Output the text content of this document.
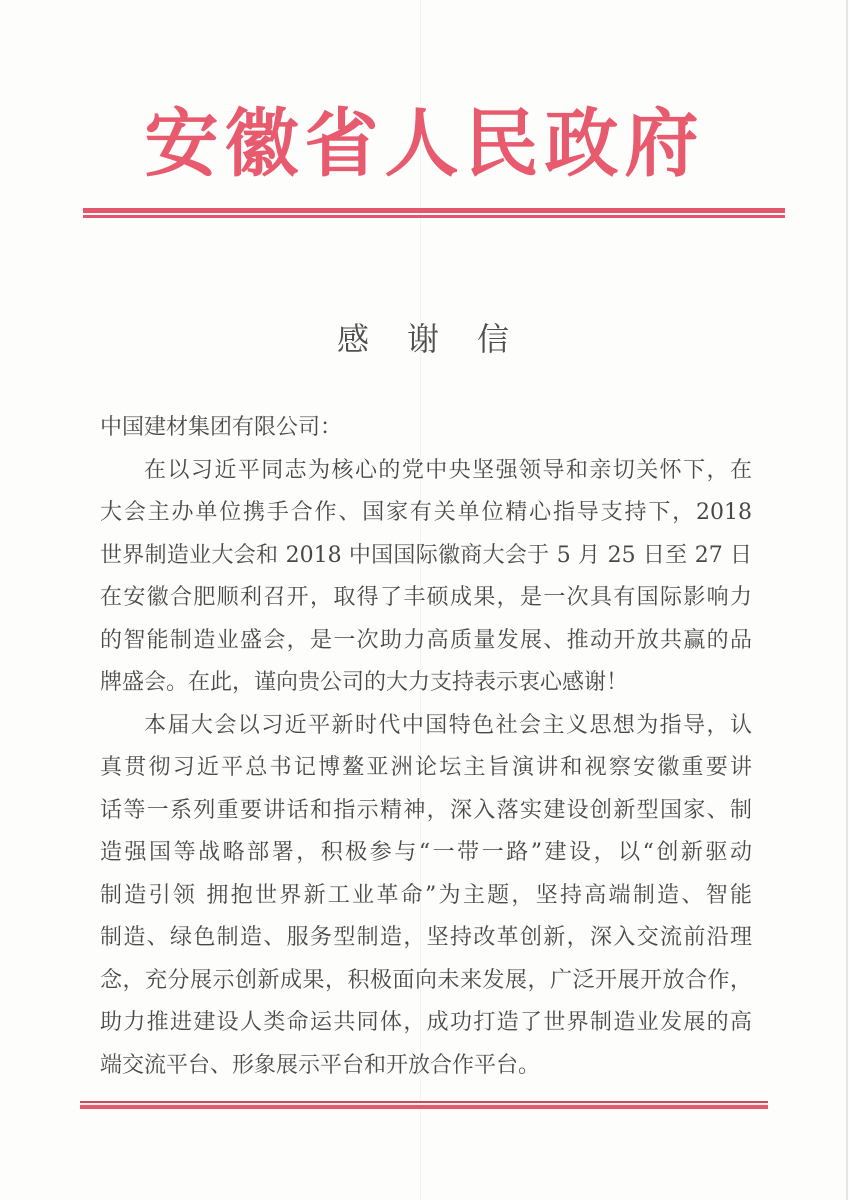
安徽省人民政府
感　谢　信
中国建材集团有限公司：
在以习近平同志为核心的党中央坚强领导和亲切关怀下，在
大会主办单位携手合作、国家有关单位精心指导支持下，2018
世界制造业大会和 2018 中国国际徽商大会于 5 月 25 日至 27 日
在安徽合肥顺利召开，取得了丰硕成果，是一次具有国际影响力
的智能制造业盛会，是一次助力高质量发展、推动开放共赢的品
牌盛会。在此，谨向贵公司的大力支持表示衷心感谢！
本届大会以习近平新时代中国特色社会主义思想为指导，认
真贯彻习近平总书记博鳌亚洲论坛主旨演讲和视察安徽重要讲
话等一系列重要讲话和指示精神，深入落实建设创新型国家、制
造强国等战略部署，积极参与“一带一路”建设，以“创新驱动
制造引领 拥抱世界新工业革命”为主题，坚持高端制造、智能
制造、绿色制造、服务型制造，坚持改革创新，深入交流前沿理
念，充分展示创新成果，积极面向未来发展，广泛开展开放合作，
助力推进建设人类命运共同体，成功打造了世界制造业发展的高
端交流平台、形象展示平台和开放合作平台。
